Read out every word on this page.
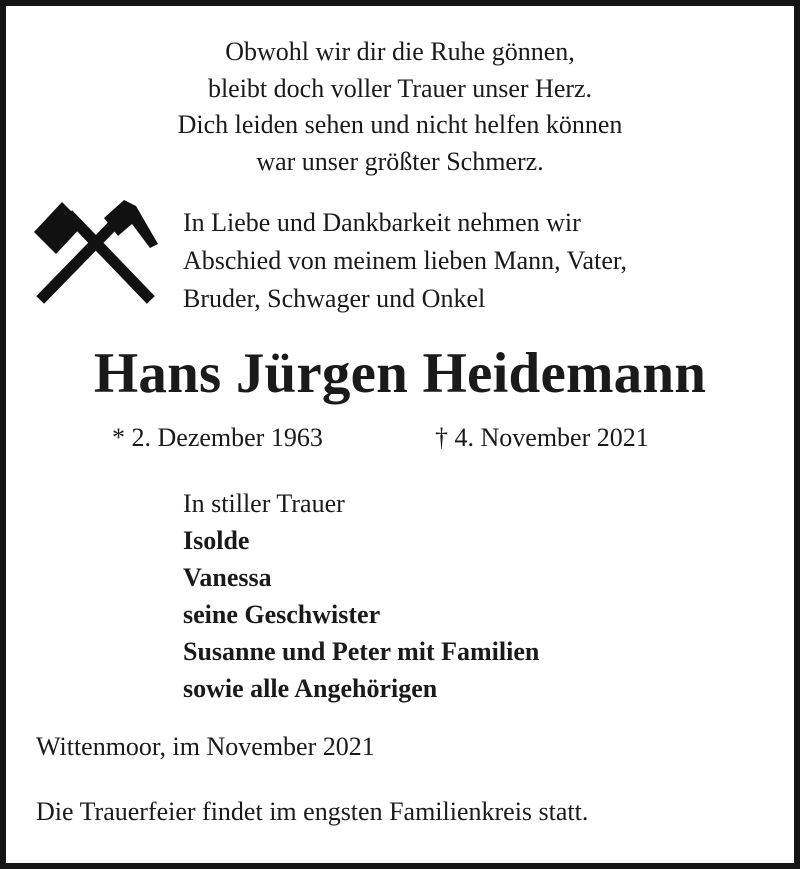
Obwohl wir dir die Ruhe gönnen,
bleibt doch voller Trauer unser Herz.
Dich leiden sehen und nicht helfen können
war unser größter Schmerz.
In Liebe und Dankbarkeit nehmen wir
Abschied von meinem lieben Mann, Vater,
Bruder, Schwager und Onkel
Hans Jürgen Heidemann
* 2. Dezember 1963	† 4. November 2021
In stiller Trauer
Isolde
Vanessa
seine Geschwister
Susanne und Peter mit Familien
sowie alle Angehörigen
Wittenmoor, im November 2021
Die Trauerfeier findet im engsten Familienkreis statt.
